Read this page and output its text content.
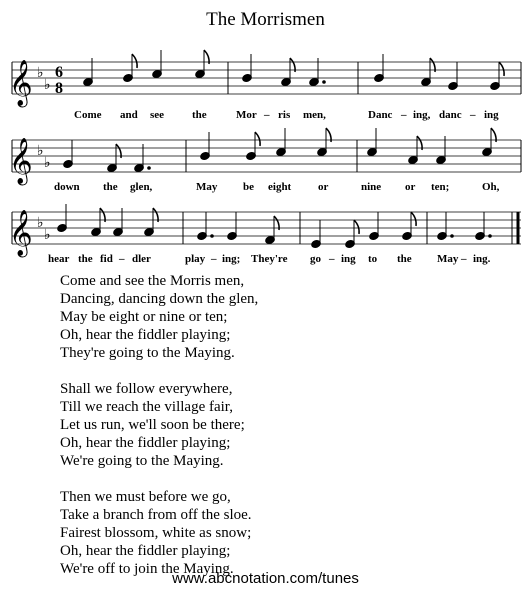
The Morrismen
𝄞 ♭
♭
6
8
Come and see	the	Mor – ris men,	Danc – ing, danc – ing
𝄞 ♭
♭
down the glen,	May be eight or	nine or ten;	Oh,
𝄞 ♭
♭
hear the fid – dler	play – ing; They're go – ing to the May – ing.
Come and see the Morris men,
Dancing, dancing down the glen,
May be eight or nine or ten;
Oh, hear the fiddler playing;
They're going to the Maying.
Shall we follow everywhere,
Till we reach the village fair,
Let us run, we'll soon be there;
Oh, hear the fiddler playing;
We're going to the Maying.
Then we must before we go,
Take a branch from off the sloe.
Fairest blossom, white as snow;
Oh, hear the fiddler playing;
We're off to join the Maying.
www.abcnotation.com/tunes
